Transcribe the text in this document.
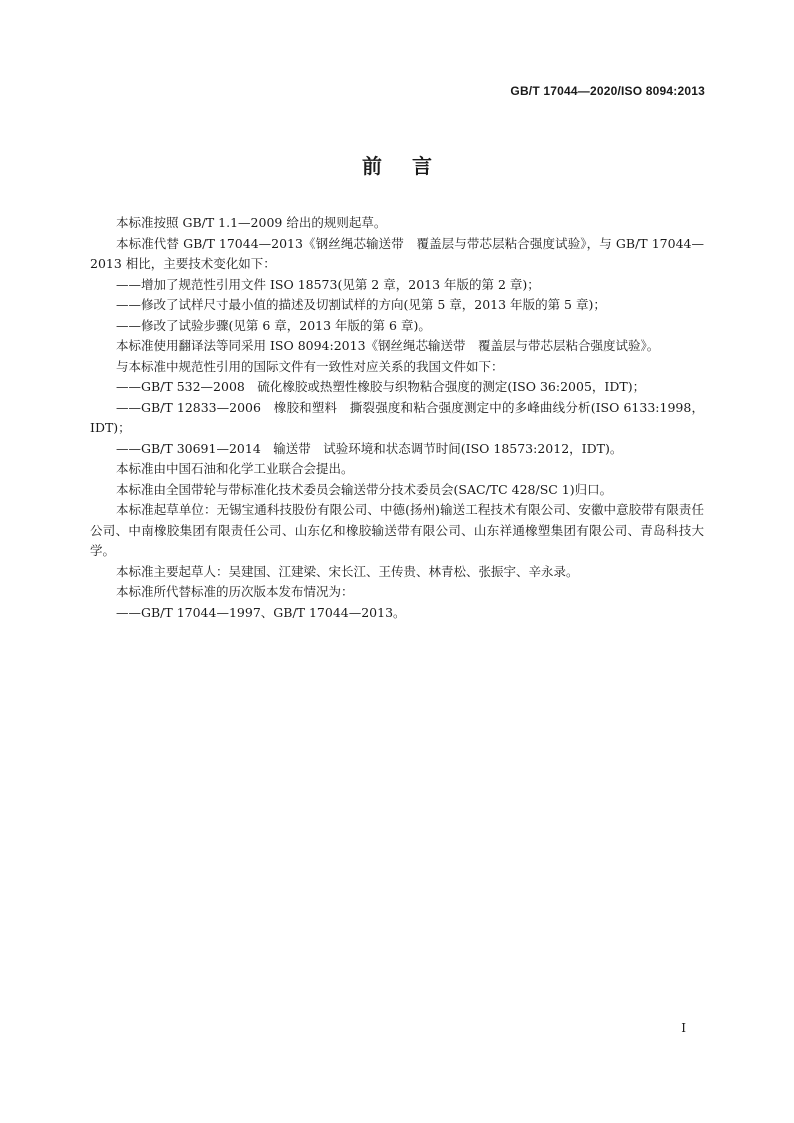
GB/T 17044—2020/ISO 8094:2013
前言

本标准按照 GB/T 1.1—2009 给出的规则起草。

本标准代替 GB/T 17044—2013《钢丝绳芯输送带　覆盖层与带芯层粘合强度试验》，与 GB/T 17044—2013 相比，主要技术变化如下：

——增加了规范性引用文件 ISO 18573(见第 2 章，2013 年版的第 2 章)；

——修改了试样尺寸最小值的描述及切割试样的方向(见第 5 章，2013 年版的第 5 章)；

——修改了试验步骤(见第 6 章，2013 年版的第 6 章)。

本标准使用翻译法等同采用 ISO 8094:2013《钢丝绳芯输送带　覆盖层与带芯层粘合强度试验》。

与本标准中规范性引用的国际文件有一致性对应关系的我国文件如下：

——GB/T 532—2008　硫化橡胶或热塑性橡胶与织物粘合强度的测定(ISO 36:2005，IDT)；

——GB/T 12833—2006　橡胶和塑料　撕裂强度和粘合强度测定中的多峰曲线分析(ISO 6133:1998，IDT)；

——GB/T 30691—2014　输送带　试验环境和状态调节时间(ISO 18573:2012，IDT)。

本标准由中国石油和化学工业联合会提出。

本标准由全国带轮与带标准化技术委员会输送带分技术委员会(SAC/TC 428/SC 1)归口。

本标准起草单位：无锡宝通科技股份有限公司、中德(扬州)输送工程技术有限公司、安徽中意胶带有限责任公司、中南橡胶集团有限责任公司、山东亿和橡胶输送带有限公司、山东祥通橡塑集团有限公司、青岛科技大学。

本标准主要起草人：吴建国、江建梁、宋长江、王传贵、林青松、张振宇、辛永录。

本标准所代替标准的历次版本发布情况为：

——GB/T 17044—1997、GB/T 17044—2013。

I
